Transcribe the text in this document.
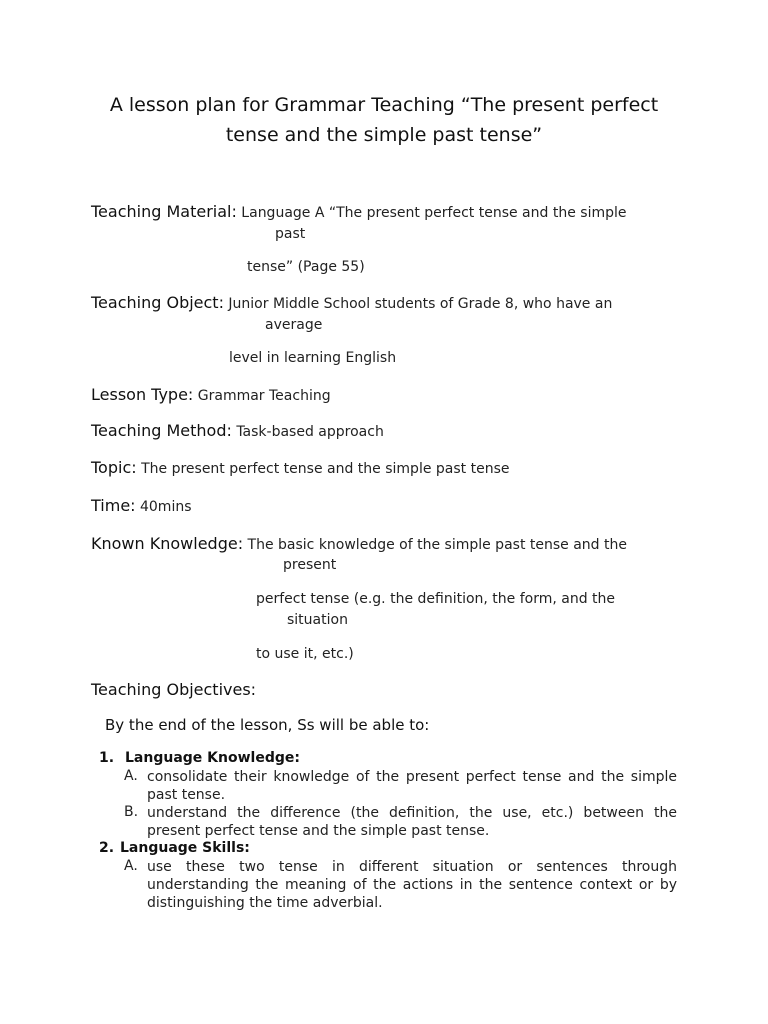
A lesson plan for Grammar Teaching “The present perfect
tense and the simple past tense”
Teaching Material: Language A “The present perfect tense and the simple
past
tense” (Page 55)
Teaching Object: Junior Middle School students of Grade 8, who have an
average
level in learning English
Lesson Type: Grammar Teaching
Teaching Method: Task-based approach
Topic: The present perfect tense and the simple past tense
Time: 40mins
Known Knowledge: The basic knowledge of the simple past tense and the
present
perfect tense (e.g. the definition, the form, and the
situation
to use it, etc.)
Teaching Objectives:
By the end of the lesson, Ss will be able to:
1. Language Knowledge:
A. consolidate their knowledge of the present perfect tense and the simple past tense.
B. understand the difference (the definition, the use, etc.) between the present perfect tense and the simple past tense.
2. Language Skills:
A. use these two tense in different situation or sentences through understanding the meaning of the actions in the sentence context or by distinguishing the time adverbial.
